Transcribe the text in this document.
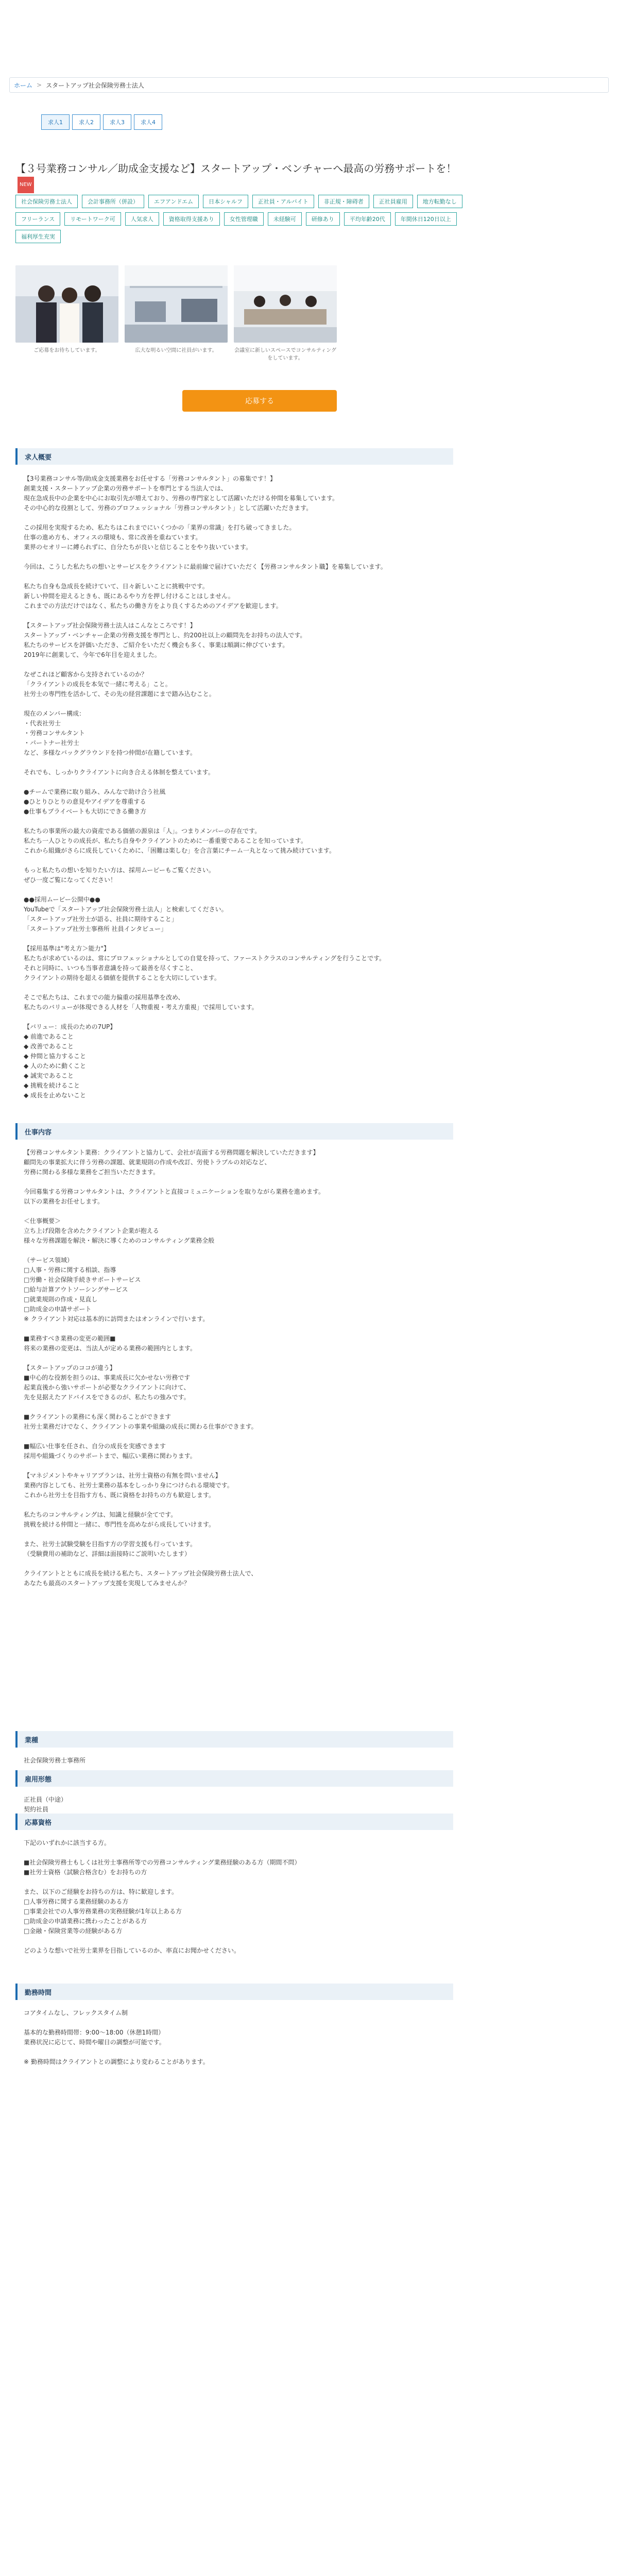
ホーム > スタートアップ社会保険労務士法人
求人1	求人2	求人3	求人4
【３号業務コンサル／助成金支援など】スタートアップ・ベンチャーへ最高の労務サポートを！NEW
社会保険労務士法人	会計事務所（併設）	エフアンドエム	日本シャルフ	正社員・アルバイト	非正規・障碍者	正社員雇用	地方転勤なし
フリーランス	リモートワーク可	人気求人	資格取得支援あり	女性管理職	未経験可	研修あり	平均年齢20代	年間休日120日以上
福利厚生充実
ご応募をお待ちしています。	広大な明るい空間に社員がいます。	会議室に新しいスペースでコンサルティングをしています。
応募する
求人概要
【3号業務コンサル等/助成金支援業務をお任せする「労務コンサルタント」の募集です！】
創業支援・スタートアップ企業の労務サポートを専門とする当法人では、
現在急成長中の企業を中心にお取引先が増えており、労務の専門家として活躍いただける仲間を募集しています。
その中心的な役割として、労務のプロフェッショナル「労務コンサルタント」として活躍いただきます。

この採用を実現するため、私たちはこれまでにいくつかの「業界の常識」を打ち破ってきました。
仕事の進め方も、オフィスの環境も、常に改善を重ねています。
業界のセオリーに縛られずに、自分たちが良いと信じることをやり抜いています。

今回は、こうした私たちの想いとサービスをクライアントに最前線で届けていただく【労務コンサルタント職】を募集しています。

私たち自身も急成長を続けていて、日々新しいことに挑戦中です。
新しい仲間を迎えるときも、既にあるやり方を押し付けることはしません。
これまでの方法だけではなく、私たちの働き方をより良くするためのアイデアを歓迎します。

【スタートアップ社会保険労務士法人はこんなところです！】
スタートアップ・ベンチャー企業の労務支援を専門とし、約200社以上の顧問先をお持ちの法人です。
私たちのサービスを評価いただき、ご紹介をいただく機会も多く、事業は順調に伸びています。
2019年に創業して、今年で6年目を迎えました。

なぜこれほど顧客から支持されているのか？
「クライアントの成長を本気で一緒に考える」こと。
社労士の専門性を活かして、その先の経営課題にまで踏み込むこと。

現在のメンバー構成：
・代表社労士
・労務コンサルタント
・パートナー社労士
など、多様なバックグラウンドを持つ仲間が在籍しています。

それでも、しっかりクライアントに向き合える体制を整えています。

●チームで業務に取り組み、みんなで助け合う社風
●ひとりひとりの意見やアイデアを尊重する
●仕事もプライベートも大切にできる働き方

私たちの事業所の最大の資産である価値の源泉は「人」。つまりメンバーの存在です。
私たち一人ひとりの成長が、私たち自身やクライアントのために一番重要であることを知っています。
これから組織がさらに成長していくために、「困難は楽しむ」を合言葉にチーム一丸となって挑み続けています。

もっと私たちの想いを知りたい方は、採用ムービーもご覧ください。
ぜひ一度ご覧になってください！

●●採用ムービー公開中●●
YouTubeで「スタートアップ社会保険労務士法人」と検索してください。
「スタートアップ社労士が語る、社員に期待すること」
「スタートアップ社労士事務所 社員インタビュー」

【採用基準は"考え方＞能力"】
私たちが求めているのは、常にプロフェッショナルとしての自覚を持って、ファーストクラスのコンサルティングを行うことです。
それと同時に、いつも当事者意識を持って最善を尽くすこと、
クライアントの期待を超える価値を提供することを大切にしています。

そこで私たちは、これまでの能力偏重の採用基準を改め、
私たちのバリューが体現できる人材を「人物重視・考え方重視」で採用しています。

【バリュー：成長のための7UP】
◆ 前進であること
◆ 改善であること
◆ 仲間と協力すること
◆ 人のために動くこと
◆ 誠実であること
◆ 挑戦を続けること
◆ 成長を止めないこと

仕事内容
【労務コンサルタント業務：クライアントと協力して、会社が直面する労務問題を解決していただきます】
顧問先の事業拡大に伴う労務の課題、就業規則の作成や改訂、労使トラブルの対応など、
労務に関わる多様な業務をご担当いただきます。

今回募集する労務コンサルタントは、クライアントと直接コミュニケーションを取りながら業務を進めます。
以下の業務をお任せします。

＜仕事概要＞
立ち上げ段階を含めたクライアント企業が抱える
様々な労務課題を解決・解決に導くためのコンサルティング業務全般

（サービス領域）
□人事・労務に関する相談、指導
□労働・社会保険手続きサポートサービス
□給与計算アウトソーシングサービス
□就業規則の作成・見直し
□助成金の申請サポート
※ クライアント対応は基本的に訪問またはオンラインで行います。

■業務すべき業務の変更の範囲■
将来の業務の変更は、当法人が定める業務の範囲内とします。

【スタートアップのココが違う】
■中心的な役割を担うのは、事業成長に欠かせない労務です
起業直後から強いサポートが必要なクライアントに向けて、
先を見据えたアドバイスをできるのが、私たちの強みです。

■クライアントの業務にも深く関わることができます
社労士業務だけでなく、クライアントの事業や組織の成長に関わる仕事ができます。

■幅広い仕事を任され、自分の成長を実感できます
採用や組織づくりのサポートまで、幅広い業務に関わります。

【マネジメントやキャリアプランは、社労士資格の有無を問いません】
業務内容としても、社労士業務の基本をしっかり身につけられる環境です。
これから社労士を目指す方も、既に資格をお持ちの方も歓迎します。

私たちのコンサルティングは、知識と経験が全てです。
挑戦を続ける仲間と一緒に、専門性を高めながら成長していけます。

また、社労士試験受験を目指す方の学習支援も行っています。
（受験費用の補助など、詳細は面接時にご説明いたします）

クライアントとともに成長を続ける私たち、スタートアップ社会保険労務士法人で、
あなたも最高のスタートアップ支援を実現してみませんか？
業種
社会保険労務士事務所
雇用形態
正社員（中途）
契約社員
応募資格
下記のいずれかに該当する方。

■社会保険労務士もしくは社労士事務所等での労務コンサルティング業務経験のある方（期間不問）
■社労士資格（試験合格含む）をお持ちの方

また、以下のご経験をお持ちの方は、特に歓迎します。
□人事労務に関する業務経験のある方
□事業会社での人事労務業務の実務経験が1年以上ある方
□助成金の申請業務に携わったことがある方
□金融・保険営業等の経験がある方

どのような想いで社労士業界を目指しているのか、率直にお聞かせください。
勤務時間
コアタイムなし、フレックスタイム制

基本的な勤務時間帯：9:00～18:00（休憩1時間）
業務状況に応じて、時間や曜日の調整が可能です。

※ 勤務時間はクライアントとの調整により変わることがあります。
